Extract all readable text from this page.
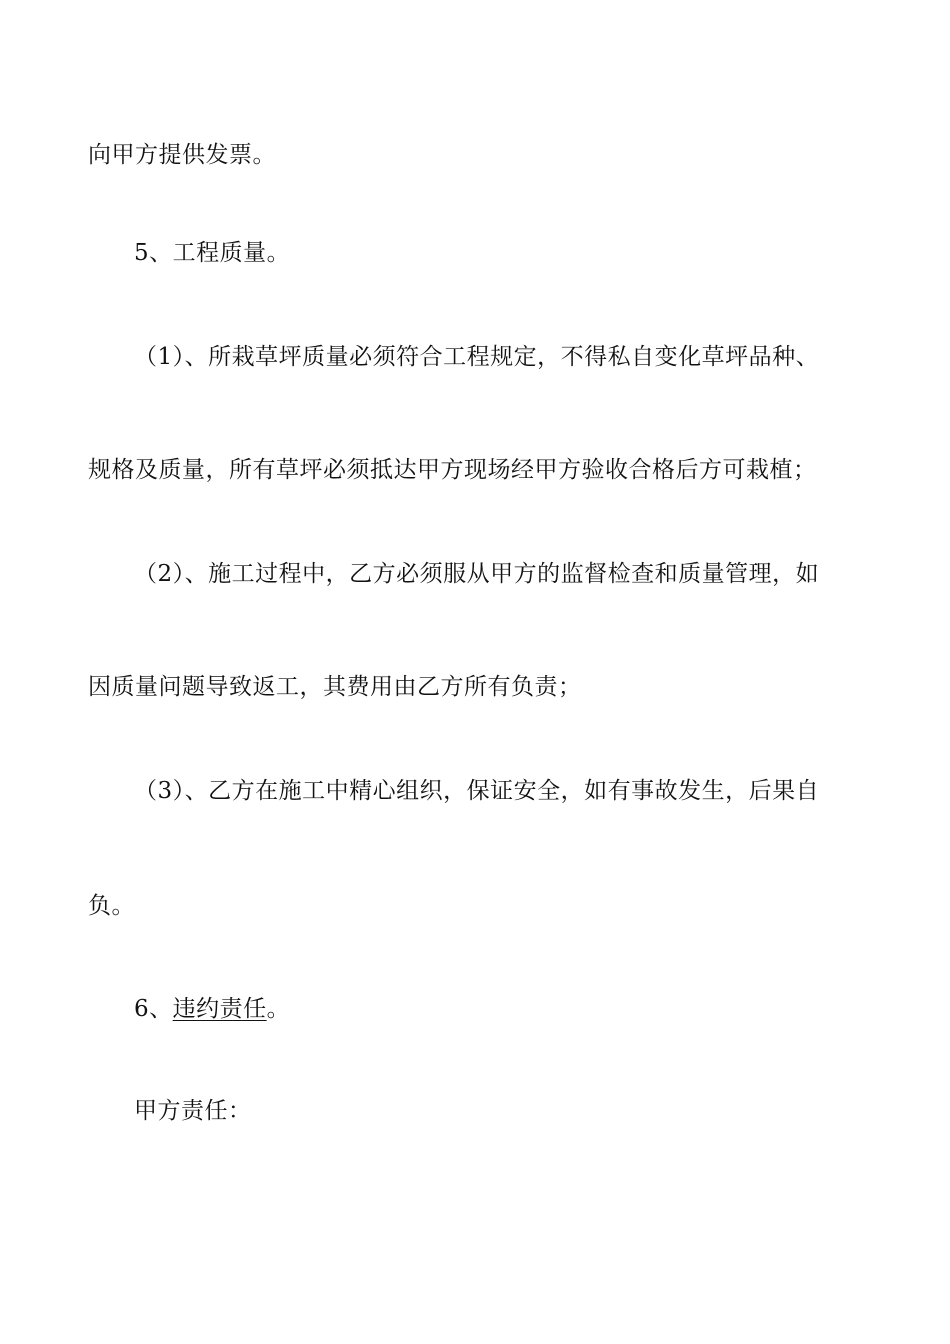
向甲方提供发票。
5、工程质量。
（1）、所栽草坪质量必须符合工程规定，不得私自变化草坪品种、
规格及质量，所有草坪必须抵达甲方现场经甲方验收合格后方可栽植；
（2）、施工过程中，乙方必须服从甲方的监督检查和质量管理，如
因质量问题导致返工，其费用由乙方所有负责；
（3）、乙方在施工中精心组织，保证安全，如有事故发生，后果自
负。
6、违约责任。
甲方责任：
